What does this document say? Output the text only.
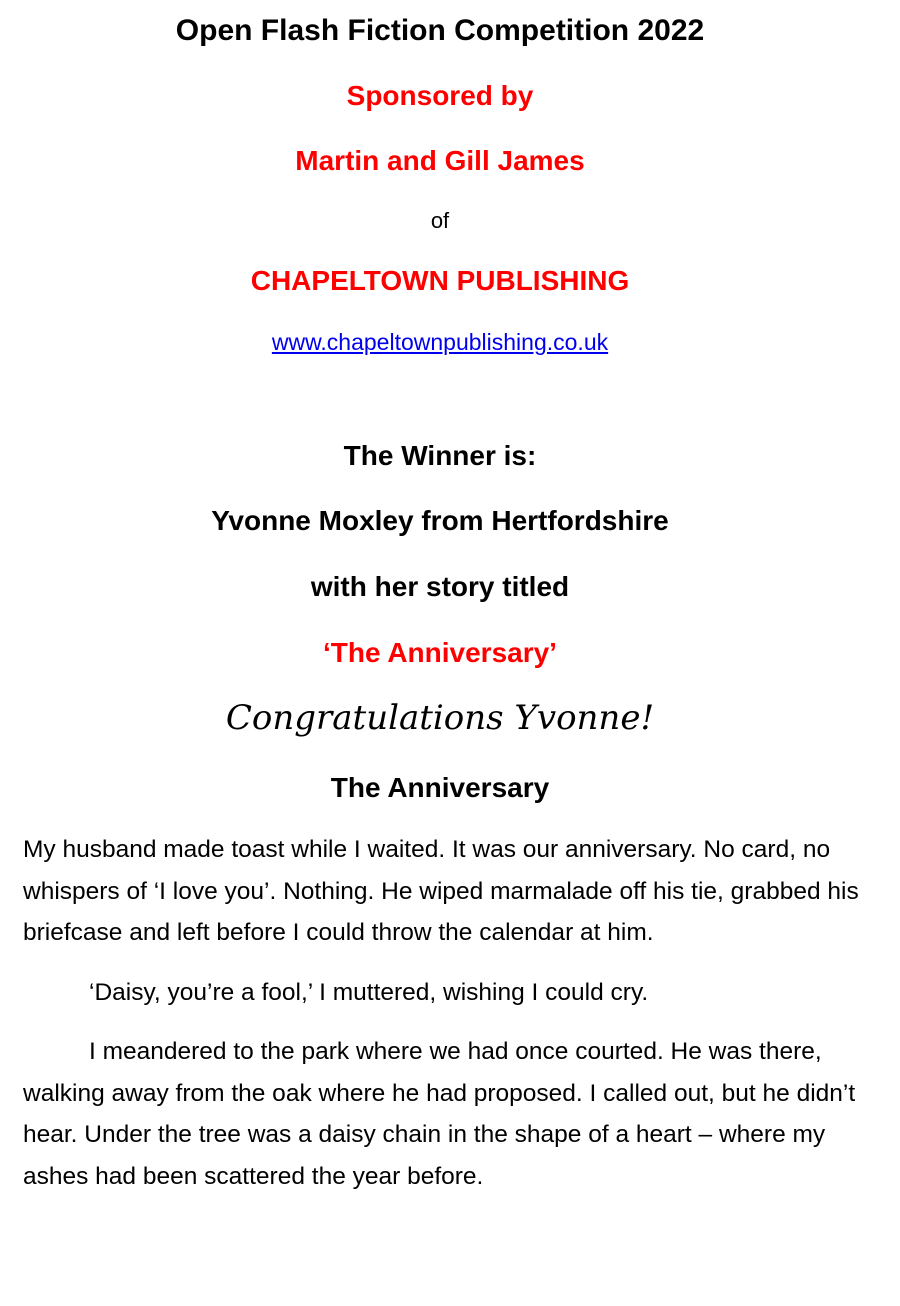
Open Flash Fiction Competition 2022
Sponsored by
Martin and Gill James
of
CHAPELTOWN PUBLISHING
www.chapeltownpublishing.co.uk
The Winner is:
Yvonne Moxley from Hertfordshire
with her story titled
‘The Anniversary’
Congratulations Yvonne!
The Anniversary

My husband made toast while I waited. It was our anniversary. No card, no whispers of ‘I love you’. Nothing. He wiped marmalade off his tie, grabbed his briefcase and left before I could throw the calendar at him.

‘Daisy, you’re a fool,’ I muttered, wishing I could cry.

I meandered to the park where we had once courted. He was there, walking away from the oak where he had proposed. I called out, but he didn’t hear. Under the tree was a daisy chain in the shape of a heart – where my ashes had been scattered the year before.
